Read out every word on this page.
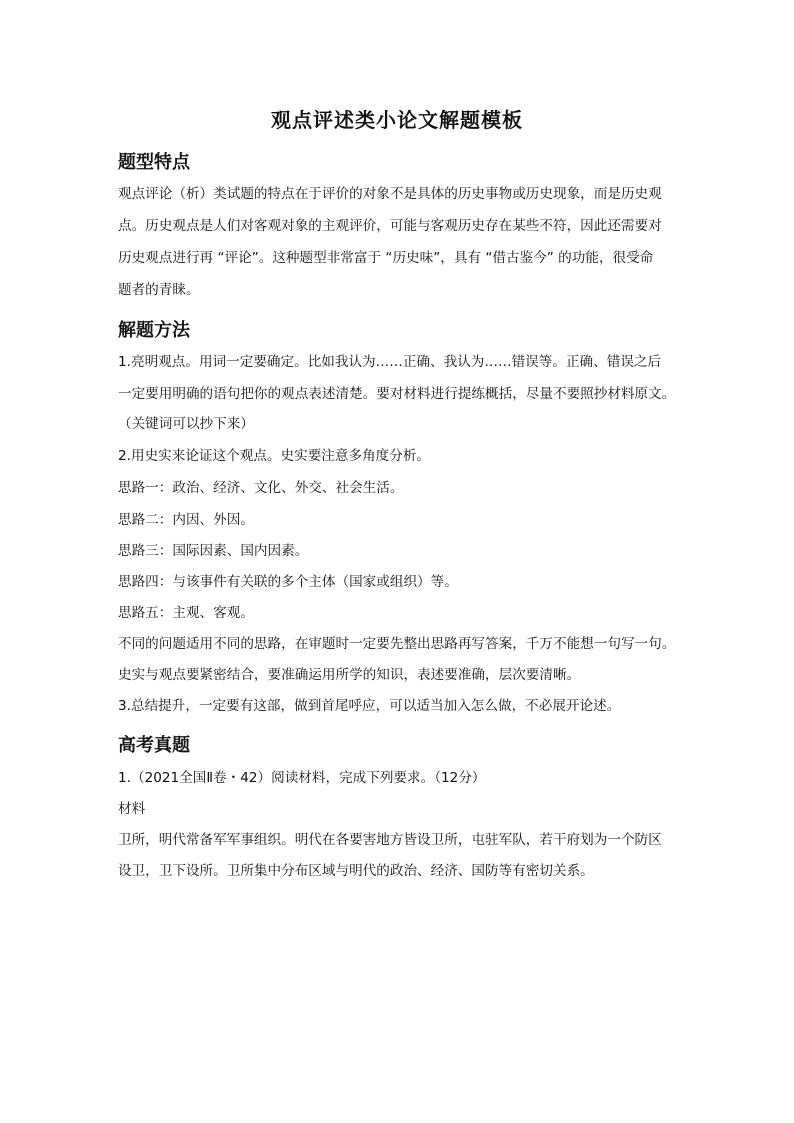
观点评述类小论文解题模板
题型特点

观点评论（析）类试题的特点在于评价的对象不是具体的历史事物或历史现象，而是历史观

点。历史观点是人们对客观对象的主观评价，可能与客观历史存在某些不符，因此还需要对

历史观点进行再 “评论”。这种题型非常富于 “历史味”，具有 “借古鉴今” 的功能，很受命

题者的青睐。

解题方法

1.亮明观点。用词一定要确定。比如我认为……正确、我认为……错误等。正确、错误之后

一定要用明确的语句把你的观点表述清楚。要对材料进行提练概括，尽量不要照抄材料原文。

（关键词可以抄下来）

2.用史实来论证这个观点。史实要注意多角度分析。

思路一：政治、经济、文化、外交、社会生活。

思路二：内因、外因。

思路三：国际因素、国内因素。

思路四：与该事件有关联的多个主体（国家或组织）等。

思路五：主观、客观。

不同的问题适用不同的思路，在审题时一定要先整出思路再写答案，千万不能想一句写一句。

史实与观点要紧密结合，要准确运用所学的知识，表述要准确，层次要清晰。

3.总结提升，一定要有这部，做到首尾呼应，可以适当加入怎么做，不必展开论述。

高考真题

1.（2021全国Ⅱ卷・42）阅读材料，完成下列要求。（12分）

材料

卫所，明代常备军军事组织。明代在各要害地方皆设卫所，屯驻军队，若干府划为一个防区

设卫，卫下设所。卫所集中分布区域与明代的政治、经济、国防等有密切关系。
